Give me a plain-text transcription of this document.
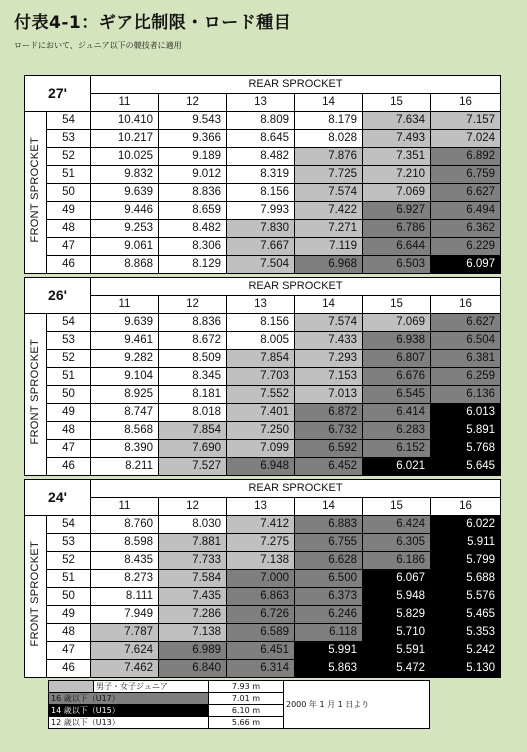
付表4-1：ギア比制限・ロード種目
ロードにおいて、ジュニア以下の競技者に適用
27'		REAR SPROCKET					
		11	12	13	14	15	16
FRONT SPROCKET	54	10.410	9.543	8.809	8.179	7.634	7.157
	53	10.217	9.366	8.645	8.028	7.493	7.024
	52	10.025	9.189	8.482	7.876	7.351	6.892
	51	9.832	9.012	8.319	7.725	7.210	6.759
	50	9.639	8.836	8.156	7.574	7.069	6.627
	49	9.446	8.659	7.993	7.422	6.927	6.494
	48	9.253	8.482	7.830	7.271	6.786	6.362
	47	9.061	8.306	7.667	7.119	6.644	6.229
	46	8.868	8.129	7.504	6.968	6.503	6.097
26'		REAR SPROCKET					
		11	12	13	14	15	16
FRONT SPROCKET	54	9.639	8.836	8.156	7.574	7.069	6.627
	53	9.461	8.672	8.005	7.433	6.938	6.504
	52	9.282	8.509	7.854	7.293	6.807	6.381
	51	9.104	8.345	7.703	7.153	6.676	6.259
	50	8.925	8.181	7.552	7.013	6.545	6.136
	49	8.747	8.018	7.401	6.872	6.414	6.013
	48	8.568	7.854	7.250	6.732	6.283	5.891
	47	8.390	7.690	7.099	6.592	6.152	5.768
	46	8.211	7.527	6.948	6.452	6.021	5.645
24'		REAR SPROCKET					
		11	12	13	14	15	16
FRONT SPROCKET	54	8.760	8.030	7.412	6.883	6.424	6.022
	53	8.598	7.881	7.275	6.755	6.305	5.911
	52	8.435	7.733	7.138	6.628	6.186	5.799
	51	8.273	7.584	7.000	6.500	6.067	5.688
	50	8.111	7.435	6.863	6.373	5.948	5.576
	49	7.949	7.286	6.726	6.246	5.829	5.465
	48	7.787	7.138	6.589	6.118	5.710	5.353
	47	7.624	6.989	6.451	5.991	5.591	5.242
	46	7.462	6.840	6.314	5.863	5.472	5.130
	男子・女子ジュニア	7.93 m	2000 年 1 月 1 日より
16 歳以下（U17）		7.01 m	
14 歳以下（U15）		6.10 m	
12 歳以下（U13）		5.66 m	
